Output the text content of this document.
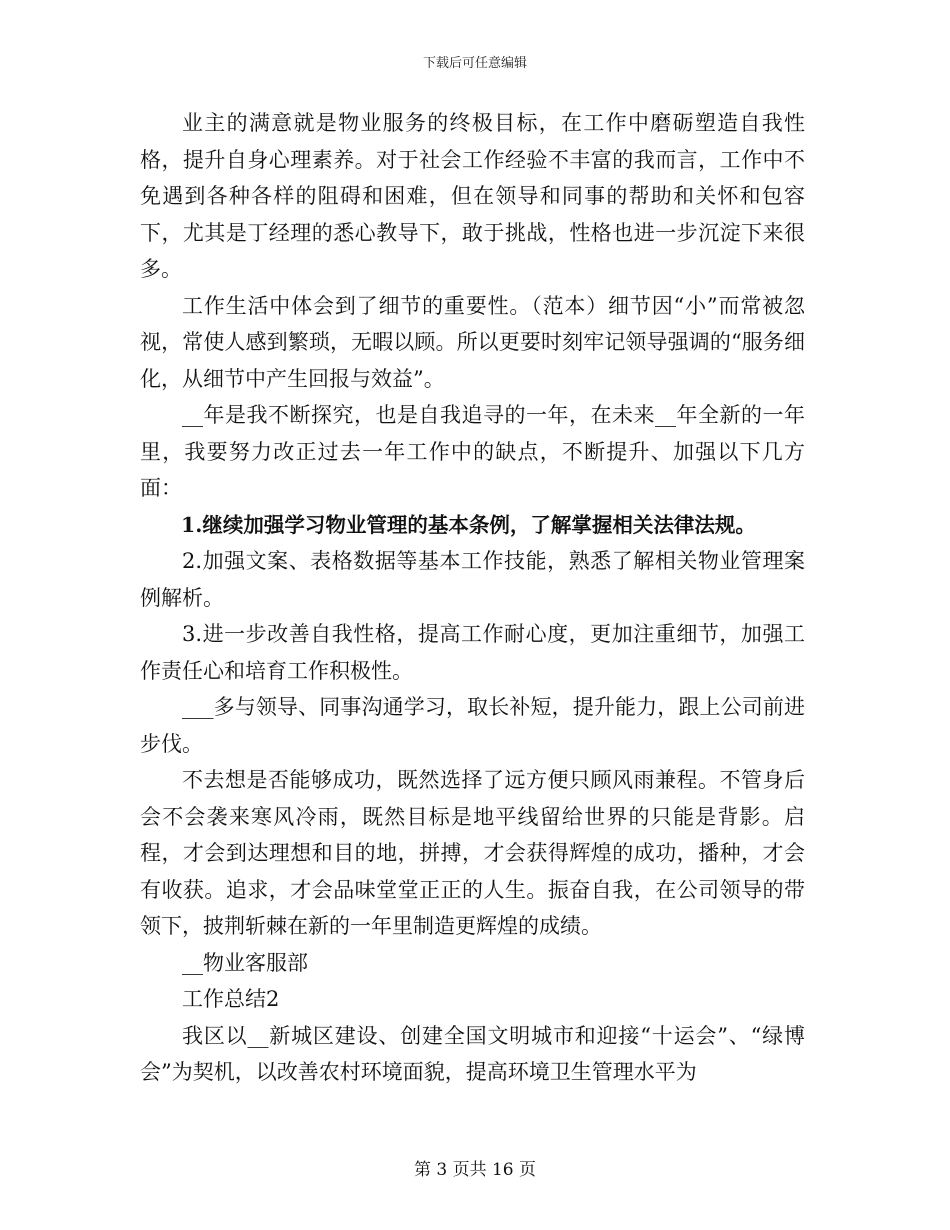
下载后可任意编辑

业主的满意就是物业服务的终极目标，在工作中磨砺塑造自我性格，提升自身心理素养。对于社会工作经验不丰富的我而言，工作中不免遇到各种各样的阻碍和困难，但在领导和同事的帮助和关怀和包容下，尤其是丁经理的悉心教导下，敢于挑战，性格也进一步沉淀下来很多。

工作生活中体会到了细节的重要性。（范本）细节因“小”而常被忽视，常使人感到繁琐，无暇以顾。所以更要时刻牢记领导强调的“服务细化，从细节中产生回报与效益”。

__年是我不断探究，也是自我追寻的一年，在未来__年全新的一年里，我要努力改正过去一年工作中的缺点，不断提升、加强以下几方面：

1.继续加强学习物业管理的基本条例，了解掌握相关法律法规。

2.加强文案、表格数据等基本工作技能，熟悉了解相关物业管理案例解析。

3.进一步改善自我性格，提高工作耐心度，更加注重细节，加强工作责任心和培育工作积极性。

___多与领导、同事沟通学习，取长补短，提升能力，跟上公司前进步伐。

不去想是否能够成功，既然选择了远方便只顾风雨兼程。不管身后会不会袭来寒风冷雨，既然目标是地平线留给世界的只能是背影。启程，才会到达理想和目的地，拼搏，才会获得辉煌的成功，播种，才会有收获。追求，才会品味堂堂正正的人生。振奋自我，在公司领导的带领下，披荆斩棘在新的一年里制造更辉煌的成绩。

__物业客服部

工作总结2

我区以__新城区建设、创建全国文明城市和迎接“十运会”、“绿博会”为契机，以改善农村环境面貌，提高环境卫生管理水平为

第 3 页共 16 页
